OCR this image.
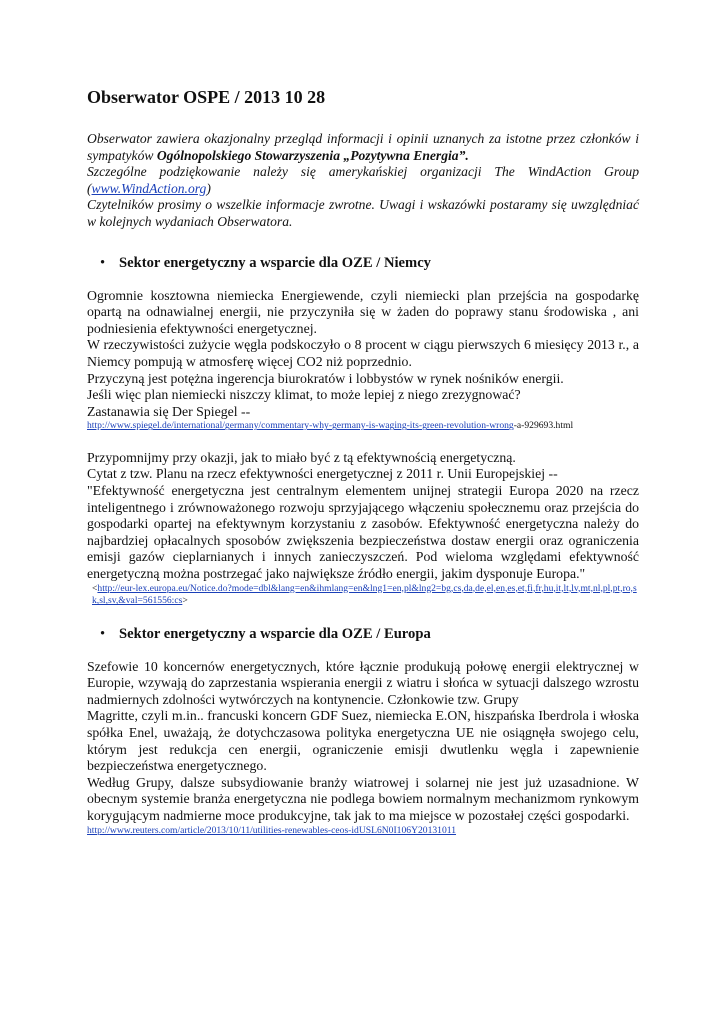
Obserwator OSPE / 2013 10 28

Obserwator zawiera okazjonalny przegląd informacji i opinii uznanych za istotne przez członków i sympatyków Ogólnopolskiego Stowarzyszenia „Pozytywna Energia”.

Szczególne podziękowanie należy się amerykańskiej organizacji The WindAction Group (www.WindAction.org)

Czytelników prosimy o wszelkie informacje zwrotne. Uwagi i wskazówki postaramy się uwzględniać w kolejnych wydaniach Obserwatora.

• Sektor energetyczny a wsparcie dla OZE / Niemcy

Ogromnie kosztowna niemiecka Energiewende, czyli niemiecki plan przejścia na gospodarkę opartą na odnawialnej energii, nie przyczyniła się w żaden do poprawy stanu środowiska , ani podniesienia efektywności energetycznej.

W rzeczywistości zużycie węgla podskoczyło o 8 procent w ciągu pierwszych 6 miesięcy 2013 r., a Niemcy pompują w atmosferę więcej CO2 niż poprzednio.

Przyczyną jest potężna ingerencja biurokratów i lobbystów w rynek nośników energii.

Jeśli więc plan niemiecki niszczy klimat, to może lepiej z niego zrezygnować?

Zastanawia się Der Spiegel --

http://www.spiegel.de/international/germany/commentary-why-germany-is-waging-its-green-revolution-wrong-a-929693.html

Przypomnijmy przy okazji, jak to miało być z tą efektywnością energetyczną.

Cytat z tzw. Planu na rzecz efektywności energetycznej z 2011 r. Unii Europejskiej --

"Efektywność energetyczna jest centralnym elementem unijnej strategii Europa 2020 na rzecz inteligentnego i zrównoważonego rozwoju sprzyjającego włączeniu społecznemu oraz przejścia do gospodarki opartej na efektywnym korzystaniu z zasobów. Efektywność energetyczna należy do najbardziej opłacalnych sposobów zwiększenia bezpieczeństwa dostaw energii oraz ograniczenia emisji gazów cieplarnianych i innych zanieczyszczeń. Pod wieloma względami efektywność energetyczną można postrzegać jako największe źródło energii, jakim dysponuje Europa."

<http://eur-lex.europa.eu/Notice.do?mode=dbl&lang=en&ihmlang=en&lng1=en,pl&lng2=bg,cs,da,de,el,en,es,et,fi,fr,hu,it,lt,lv,mt,nl,pl,pt,ro,sk,sl,sv,&val=561556:cs>

• Sektor energetyczny a wsparcie dla OZE / Europa

Szefowie 10 koncernów energetycznych, które łącznie produkują połowę energii elektrycznej w Europie, wzywają do zaprzestania wspierania energii z wiatru i słońca w sytuacji dalszego wzrostu nadmiernych zdolności wytwórczych na kontynencie. Członkowie tzw. Grupy

Magritte, czyli m.in.. francuski koncern GDF Suez, niemiecka E.ON, hiszpańska Iberdrola i włoska spółka Enel, uważają, że dotychczasowa polityka energetyczna UE nie osiągnęła swojego celu, którym jest redukcja cen energii, ograniczenie emisji dwutlenku węgla i zapewnienie bezpieczeństwa energetycznego.

Według Grupy, dalsze subsydiowanie branży wiatrowej i solarnej nie jest już uzasadnione. W obecnym systemie branża energetyczna nie podlega bowiem normalnym mechanizmom rynkowym korygującym nadmierne moce produkcyjne, tak jak to ma miejsce w pozostałej części gospodarki.

http://www.reuters.com/article/2013/10/11/utilities-renewables-ceos-idUSL6N0I106Y20131011
